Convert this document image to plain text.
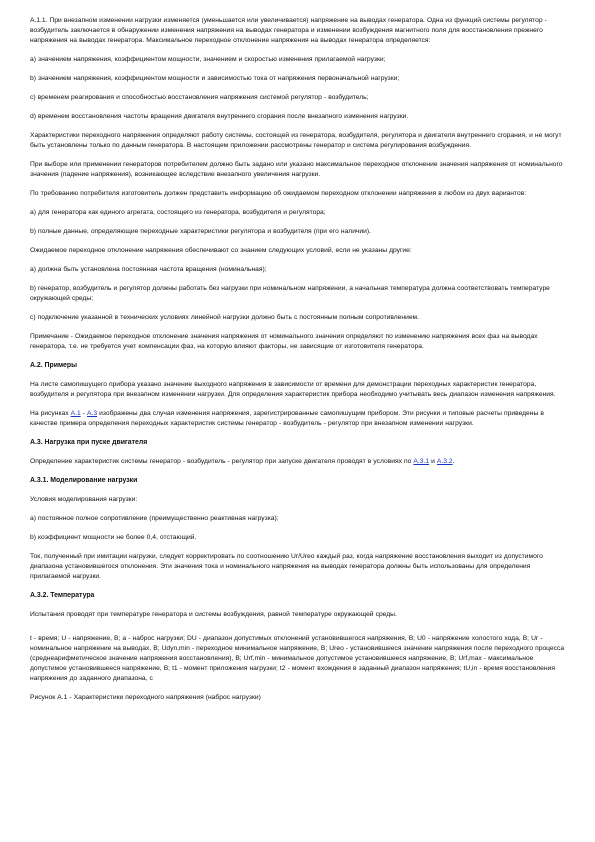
А.1.1. При внезапном изменении нагрузки изменяется (уменьшается или увеличивается) напряжение на выводах генератора. Одна из функций системы регулятор - возбудитель заключается в обнаружении изменения напряжения на выводах генератора и изменении возбуждения магнитного поля для восстановления прежнего напряжения на выводах генератора. Максимальное переходное отклонение напряжения на выводах генератора определяется:

a) значением напряжения, коэффициентом мощности, значением и скоростью изменения прилагаемой нагрузки;

b) значением напряжения, коэффициентом мощности и зависимостью тока от напряжения первоначальной нагрузки;

c) временем реагирования и способностью восстановления напряжения системой регулятор - возбудитель;

d) временем восстановления частоты вращения двигателя внутреннего сгорания после внезапного изменения нагрузки.

Характеристики переходного напряжения определяют работу системы, состоящей из генератора, возбудителя, регулятора и двигателя внутреннего сгорания, и не могут быть установлены только по данным генератора. В настоящем приложении рассмотрены генератор и система регулирования возбуждения.

При выборе или применении генераторов потребителем должно быть задано или указано максимальное переходное отклонение значения напряжения от номинального значения (падение напряжения), возникающее вследствие внезапного увеличения нагрузки.

По требованию потребителя изготовитель должен представить информацию об ожидаемом переходном отклонении напряжения в любом из двух вариантов:

a) для генератора как единого агрегата, состоящего из генератора, возбудителя и регулятора;

b) полные данные, определяющие переходные характеристики регулятора и возбудителя (при его наличии).

Ожидаемое переходное отклонение напряжения обеспечивают со знанием следующих условий, если не указаны другие:

a) должна быть установлена постоянная частота вращения (номинальная);

b) генератор, возбудитель и регулятор должны работать без нагрузки при номинальном напряжении, а начальная температура должна соответствовать температуре окружающей среды;

c) подключение указанной в технических условиях линейной нагрузки должно быть с постоянным полным сопротивлением.

Примечание - Ожидаемое переходное отклонение значения напряжения от номинального значения определяют по изменению напряжения всех фаз на выводах генератора, т.е. не требуется учет компенсации фаз, на которую влияют факторы, не зависящие от изготовителя генератора.

А.2. Примеры

На листе самопишущего прибора указано значение выходного напряжения в зависимости от времени для демонстрации переходных характеристик генератора, возбудителя и регулятора при внезапном изменении нагрузки. Для определения характеристик прибора необходимо учитывать весь диапазон изменения напряжения.

На рисунках А.1 - А.3 изображены два случая изменения напряжения, зарегистрированные самопишущим прибором. Эти рисунки и типовые расчеты приведены в качестве примера определения переходных характеристик системы генератор - возбудитель - регулятор при внезапном изменении нагрузки.

А.3. Нагрузка при пуске двигателя

Определение характеристик системы генератор - возбудитель - регулятор при запуске двигателя проводят в условиях по А.3.1 и А.3.2.

А.3.1. Моделирование нагрузки

Условия моделирования нагрузки:

a) постоянное полное сопротивление (преимущественно реактивная нагрузка);

b) коэффициент мощности не более 0,4, отстающий.

Ток, полученный при имитации нагрузки, следует корректировать по соотношению Ur/Ureo каждый раз, когда напряжение восстановления выходит из допустимого диапазона установившегося отклонения. Эти значения тока и номинального напряжения на выводах генератора должны быть использованы для определения прилагаемой нагрузки.

А.3.2. Температура

Испытания проводят при температуре генератора и системы возбуждения, равной температуре окружающей среды.

t - время; U - напряжение, В; a - наброс нагрузки; DU - диапазон допустимых отклонений установившегося напряжения, В; U0 - напряжение холостого хода, В; Ur - номинальное напряжение на выводах, В; Udyn,min - переходное минимальное напряжение, В; Ureo - установившееся значение напряжения после переходного процесса (среднеарифметическое значение напряжения восстановления), В; Urf,min - минимальное допустимое установившееся напряжение, В; Urf,max - максимальное допустимое установившееся напряжение, В; t1 - момент приложения нагрузки; t2 - момент вхождения в заданный диапазон напряжения; tU,in - время восстановления напряжения до заданного диапазона, с

Рисунок А.1 - Характеристики переходного напряжения (наброс нагрузки)
